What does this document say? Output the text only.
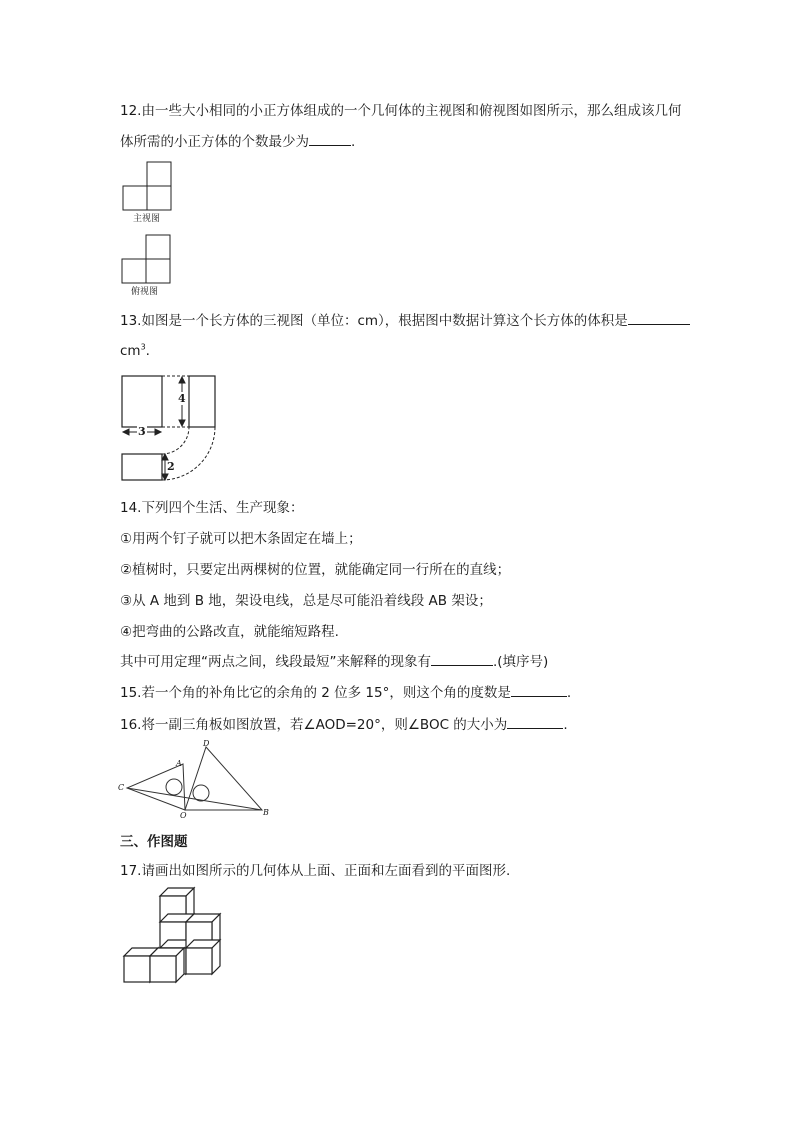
12.由一些大小相同的小正方体组成的一个几何体的主视图和俯视图如图所示，那么组成该几何
体所需的小正方体的个数最少为	.
主视图
俯视图
13.如图是一个长方体的三视图（单位：cm），根据图中数据计算这个长方体的体积是
$cm^3$.
4
3
2
14.下列四个生活、生产现象：
①用两个钉子就可以把木条固定在墙上；
②植树时，只要定出两棵树的位置，就能确定同一行所在的直线；
③从 A 地到 B 地，架设电线，总是尽可能沿着线段 AB 架设；
④把弯曲的公路改直，就能缩短路程.
其中可用定理“两点之间，线段最短”来解释的现象有	.(填序号)
15.若一个角的补角比它的余角的 2 位多 15°，则这个角的度数是	.
16.将一副三角板如图放置，若∠AOD=20°，则∠BOC 的大小为	.
D
A
C
O	B
三、作图题
17.请画出如图所示的几何体从上面、正面和左面看到的平面图形.
